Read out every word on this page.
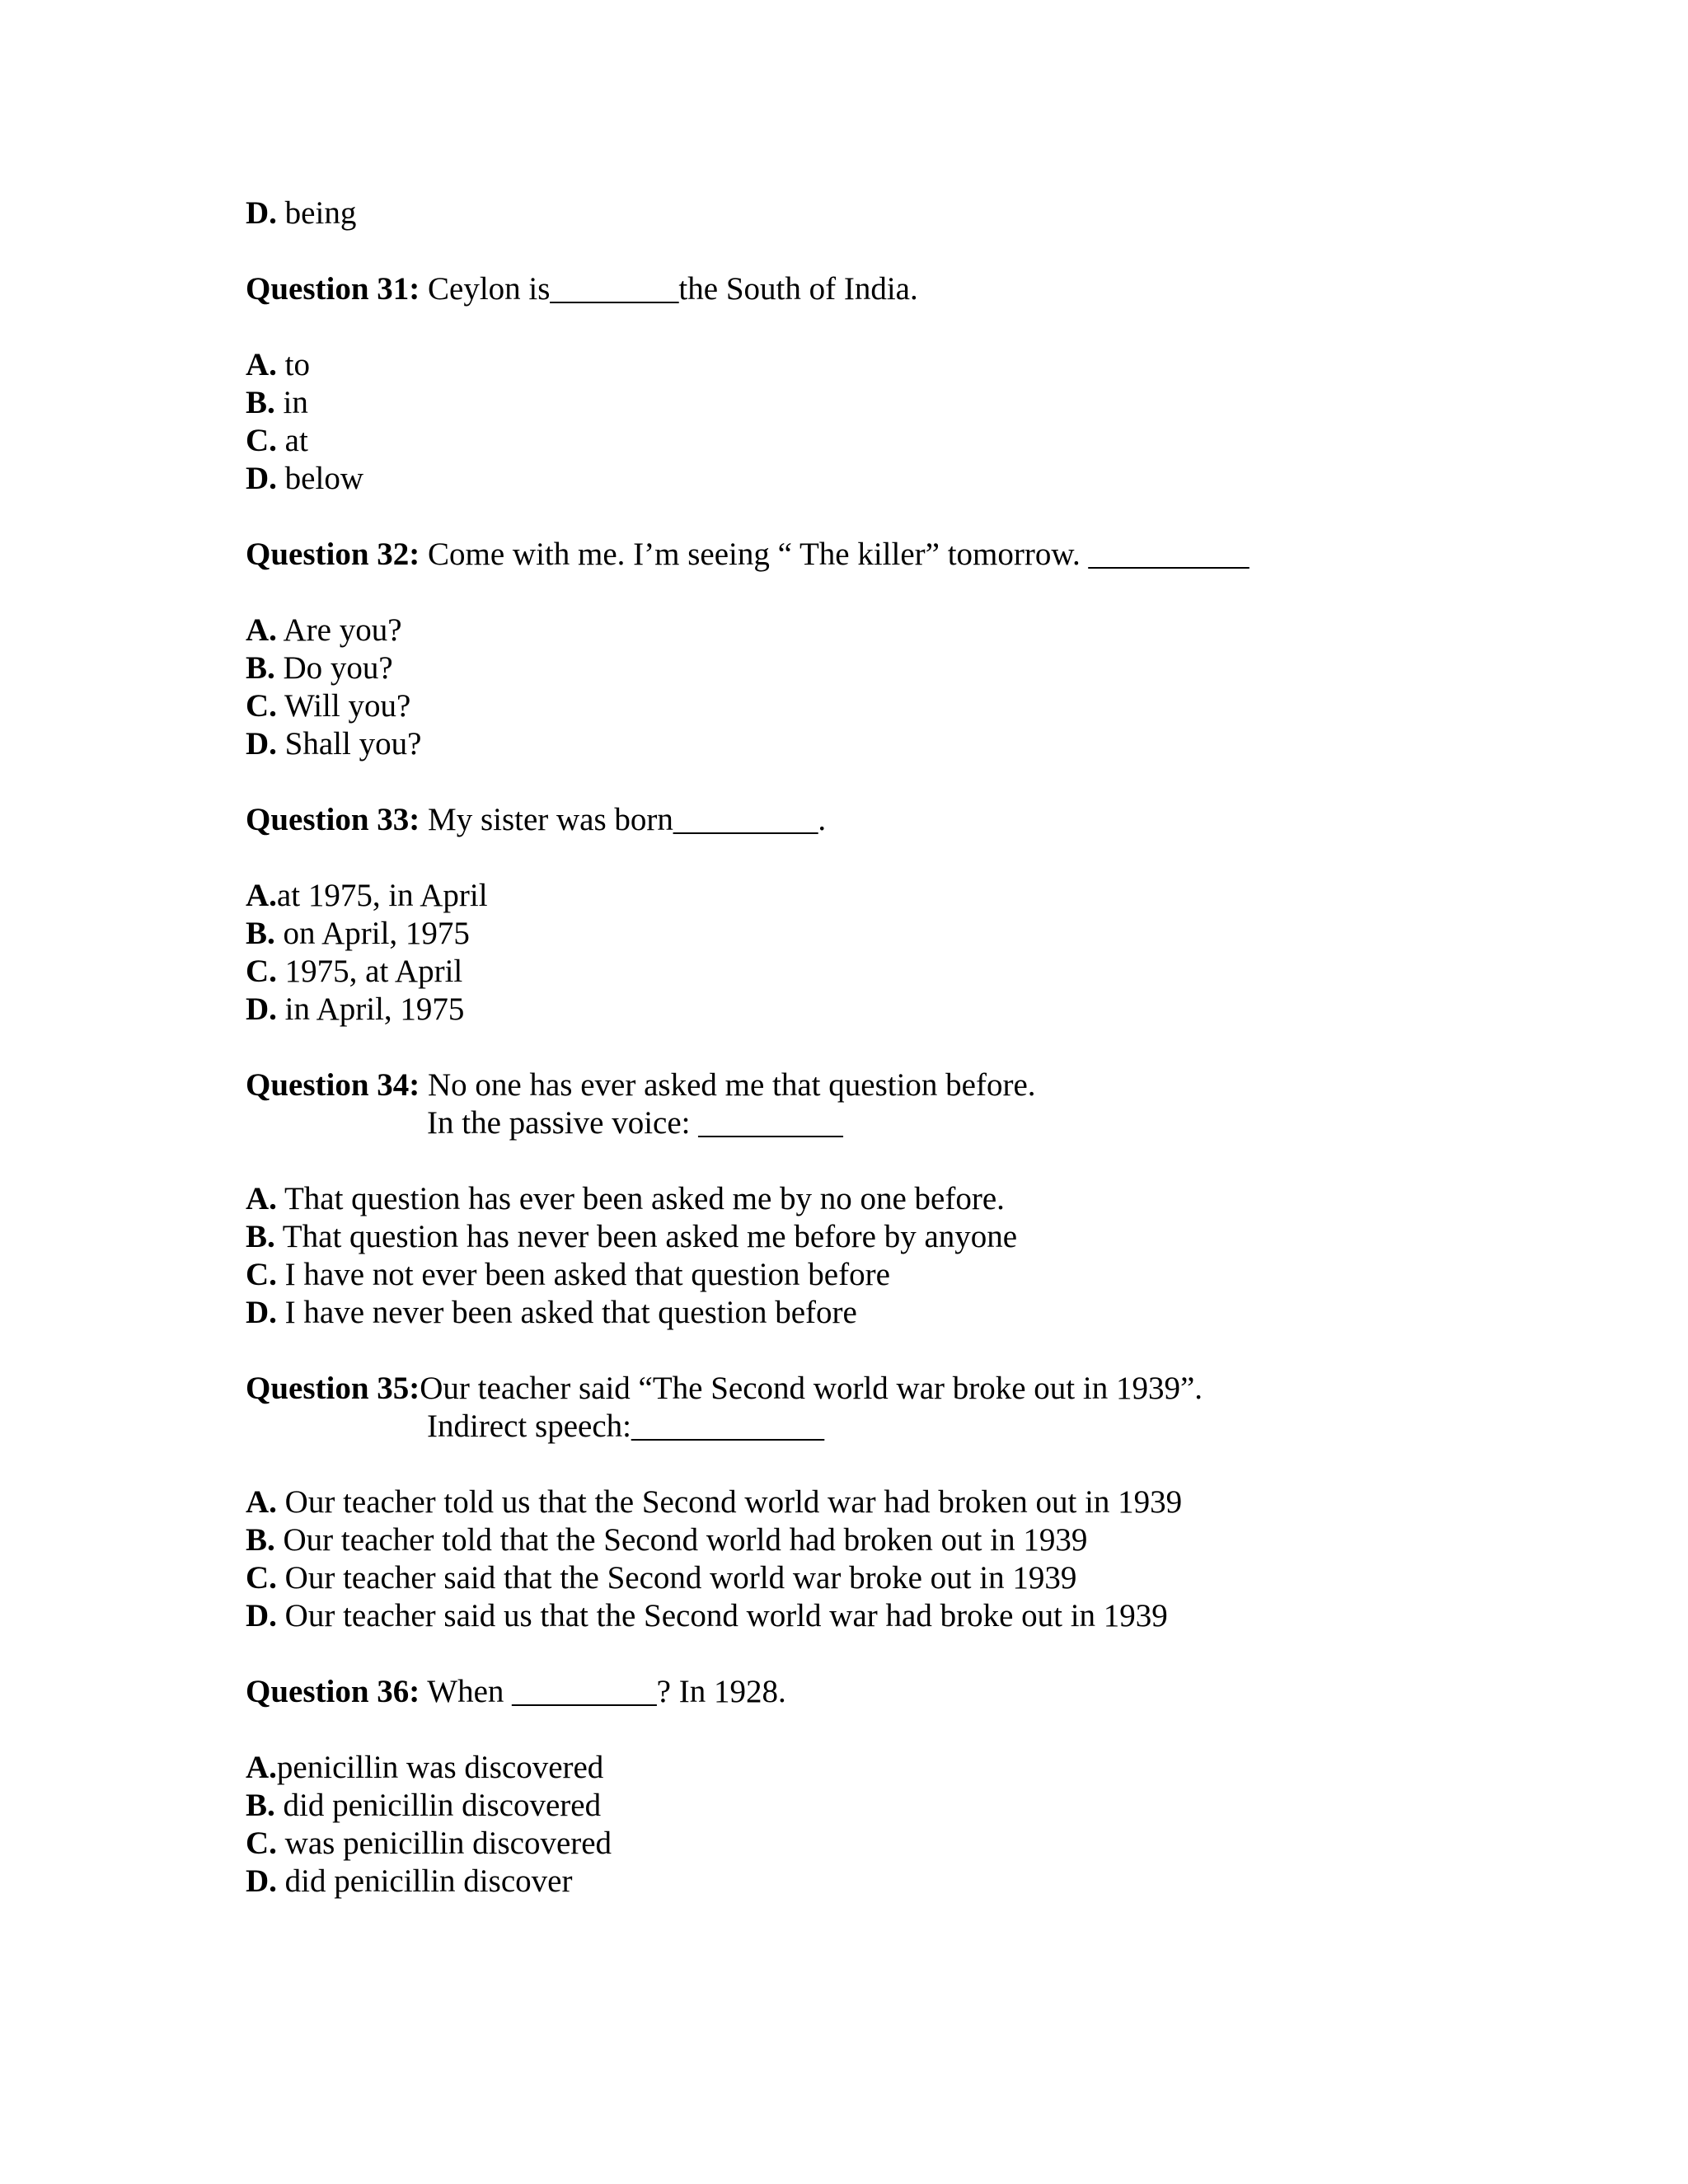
D. being
Question 31: Ceylon is________the South of India.
A. to
B. in
C. at
D. below
Question 32: Come with me. I’m seeing “ The killer” tomorrow. __________
A. Are you?
B. Do you?
C. Will you?
D. Shall you?
Question 33: My sister was born_________.
A.at 1975, in April
B. on April, 1975
C. 1975, at April
D. in April, 1975
Question 34: No one has ever asked me that question before.
In the passive voice: _________
A. That question has ever been asked me by no one before.
B. That question has never been asked me before by anyone
C. I have not ever been asked that question before
D. I have never been asked that question before
Question 35:Our teacher said “The Second world war broke out in 1939”.
Indirect speech:____________
A. Our teacher told us that the Second world war had broken out in 1939
B. Our teacher told that the Second world had broken out in 1939
C. Our teacher said that the Second world war broke out in 1939
D. Our teacher said us that the Second world war had broke out in 1939
Question 36: When _________? In 1928.
A.penicillin was discovered
B. did penicillin discovered
C. was penicillin discovered
D. did penicillin discover
